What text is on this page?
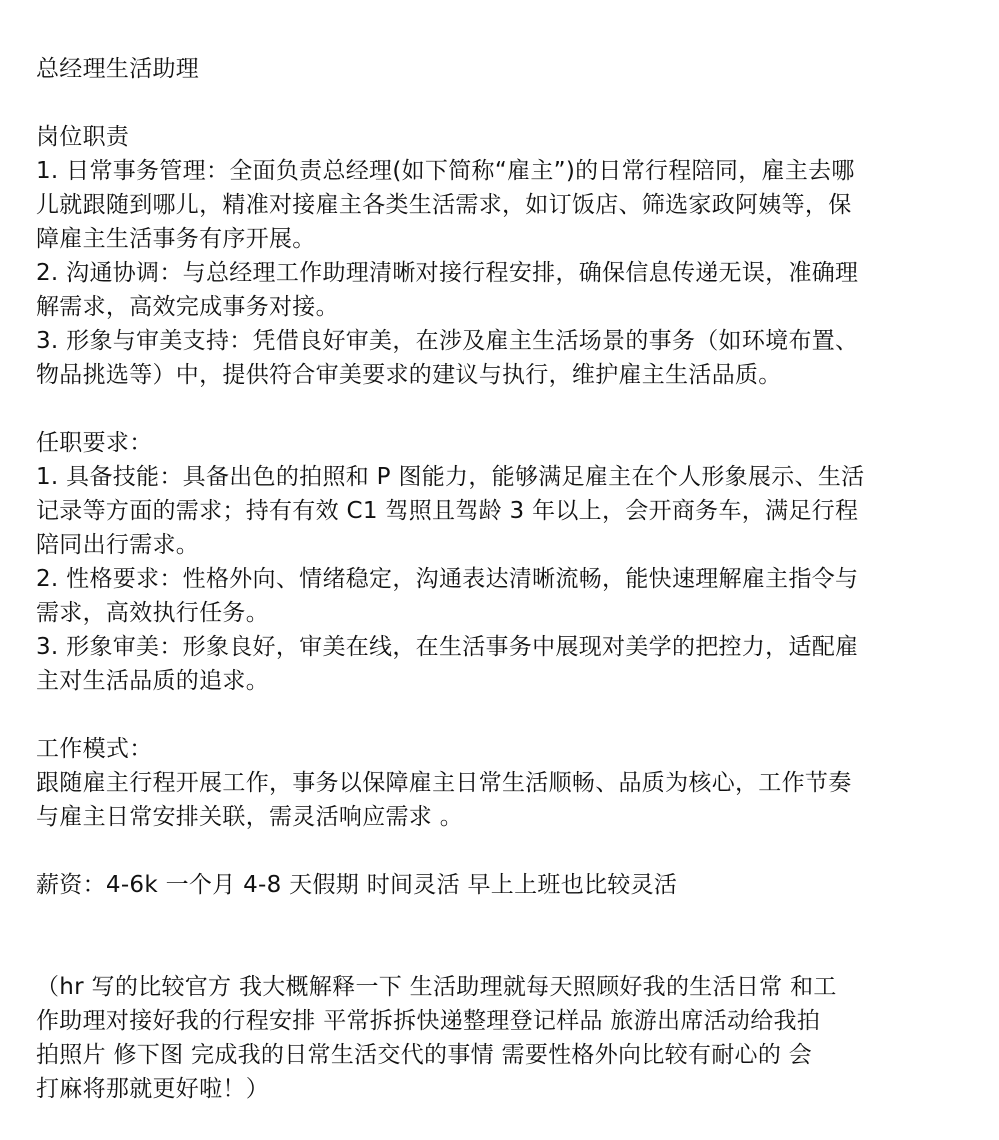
总经理生活助理
岗位职责
1. 日常事务管理：全面负责总经理(如下简称“雇主”)的日常行程陪同，雇主去哪
儿就跟随到哪儿，精准对接雇主各类生活需求，如订饭店、筛选家政阿姨等，保
障雇主生活事务有序开展。
2. 沟通协调：与总经理工作助理清晰对接行程安排，确保信息传递无误，准确理
解需求，高效完成事务对接。
3. 形象与审美支持：凭借良好审美，在涉及雇主生活场景的事务（如环境布置、
物品挑选等）中，提供符合审美要求的建议与执行，维护雇主生活品质。
任职要求：
1. 具备技能：具备出色的拍照和 P 图能力，能够满足雇主在个人形象展示、生活
记录等方面的需求；持有有效 C1 驾照且驾龄 3 年以上，会开商务车，满足行程
陪同出行需求。
2. 性格要求：性格外向、情绪稳定，沟通表达清晰流畅，能快速理解雇主指令与
需求，高效执行任务。
3. 形象审美：形象良好，审美在线，在生活事务中展现对美学的把控力，适配雇
主对生活品质的追求。
工作模式：
跟随雇主行程开展工作，事务以保障雇主日常生活顺畅、品质为核心，工作节奏
与雇主日常安排关联，需灵活响应需求 。
薪资：4-6k 一个月 4-8 天假期 时间灵活 早上上班也比较灵活
（hr 写的比较官方 我大概解释一下 生活助理就每天照顾好我的生活日常 和工
作助理对接好我的行程安排 平常拆拆快递整理登记样品 旅游出席活动给我拍
拍照片 修下图 完成我的日常生活交代的事情 需要性格外向比较有耐心的 会
打麻将那就更好啦！）
